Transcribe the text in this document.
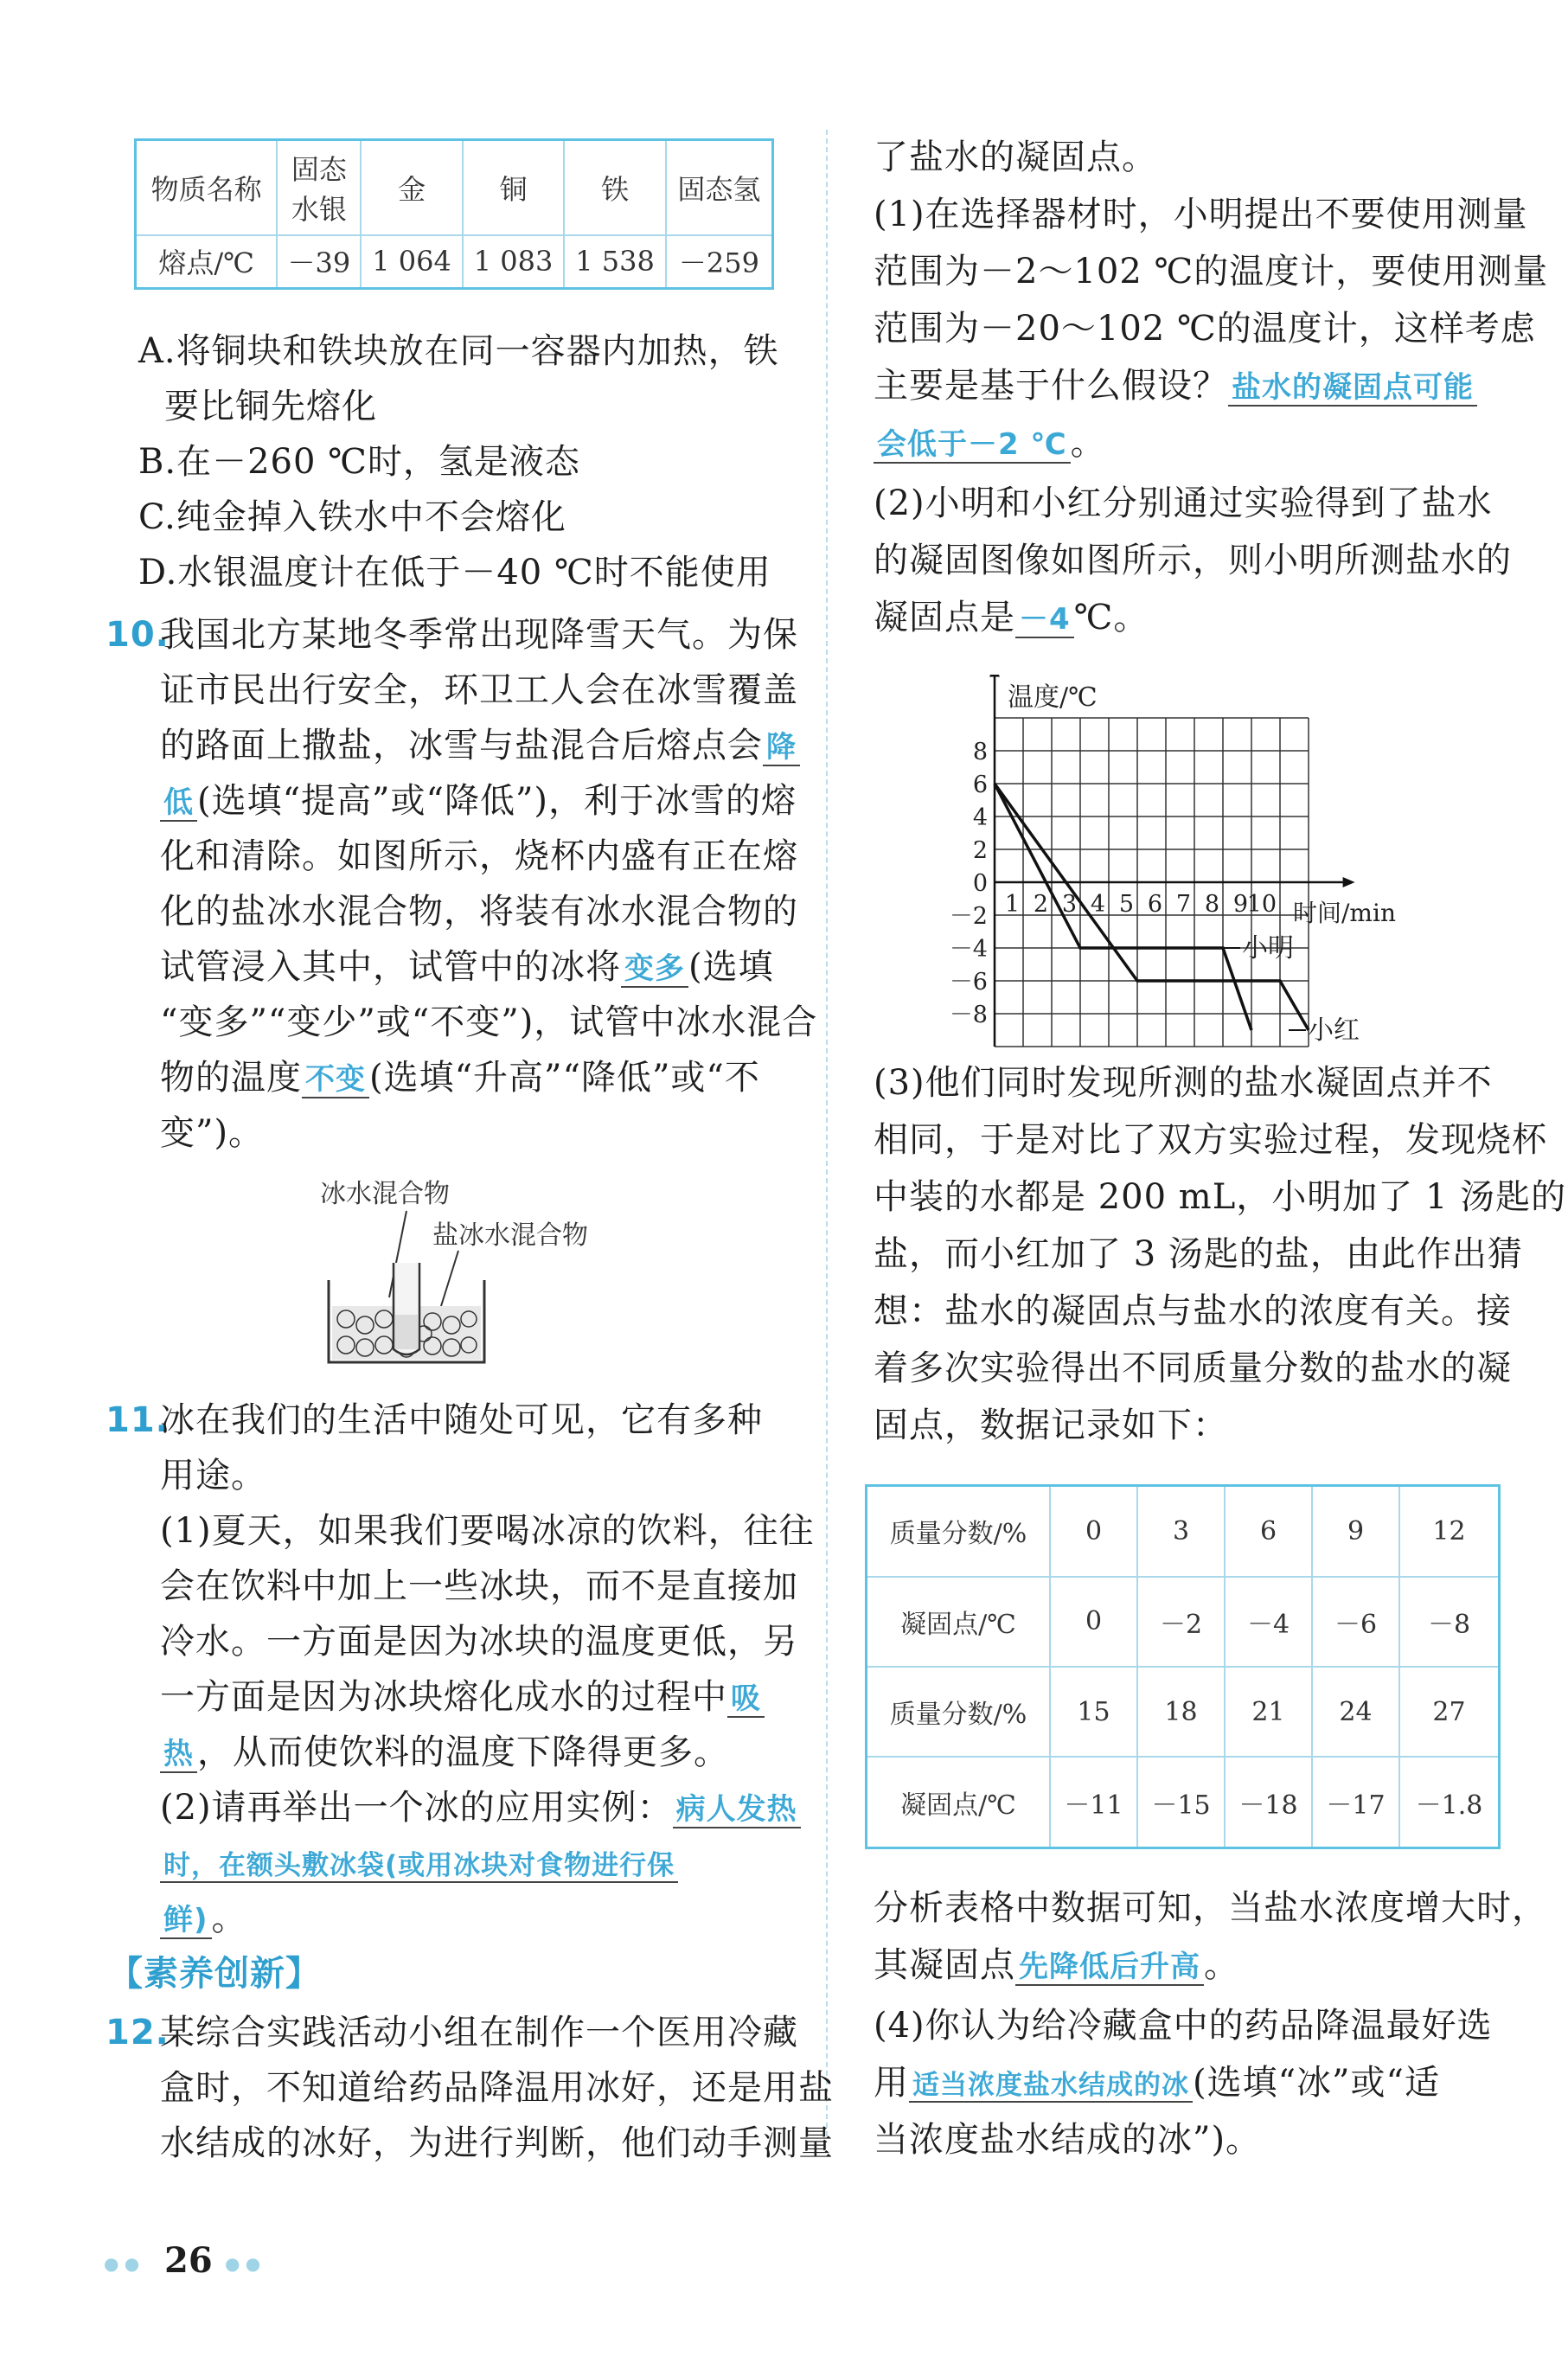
物质名称	固态水银	金	铜	铁	固态氢
熔点/℃	－39	1 064	1 083	1 538	－259
A.将铜块和铁块放在同一容器内加热，铁
要比铜先熔化
B.在－260 ℃时，氢是液态
C.纯金掉入铁水中不会熔化
D.水银温度计在低于－40 ℃时不能使用
10.
我国北方某地冬季常出现降雪天气。为保
证市民出行安全，环卫工人会在冰雪覆盖
的路面上撒盐，冰雪与盐混合后熔点会 降
低 (选填“提高”或“降低”)，利于冰雪的熔
化和清除。如图所示，烧杯内盛有正在熔
化的盐冰水混合物，将装有冰水混合物的
试管浸入其中，试管中的冰将 变多 (选填
“变多”“变少”或“不变”)，试管中冰水混合
物的温度 不变 (选填“升高”“降低”或“不
变”)。
冰水混合物
盐冰水混合物
11.
冰在我们的生活中随处可见，它有多种
用途。
(1)夏天，如果我们要喝冰凉的饮料，往往
会在饮料中加上一些冰块，而不是直接加
冷水。一方面是因为冰块的温度更低，另
一方面是因为冰块熔化成水的过程中 吸
热 ，从而使饮料的温度下降得更多。
(2)请再举出一个冰的应用实例： 病人发热
时，在额头敷冰袋(或用冰块对食物进行保
鲜) 。
【素养创新】
12.
某综合实践活动小组在制作一个医用冷藏
盒时，不知道给药品降温用冰好，还是用盐
水结成的冰好，为进行判断，他们动手测量
了盐水的凝固点。
(1)在选择器材时，小明提出不要使用测量
范围为－2～102 ℃的温度计，要使用测量
范围为－20～102 ℃的温度计，这样考虑
主要是基于什么假设？ 盐水的凝固点可能
会低于－2 ℃ 。
(2)小明和小红分别通过实验得到了盐水
的凝固图像如图所示，则小明所测盐水的
凝固点是 －4 ℃。
1 2 3 4 5 6 7 8 9
10
8
6
4
2
0
－2
－4
－6
－8
小明
小红
温度/℃
时间/min
(3)他们同时发现所测的盐水凝固点并不
相同，于是对比了双方实验过程，发现烧杯
中装的水都是 200 mL，小明加了 1 汤匙的
盐，而小红加了 3 汤匙的盐，由此作出猜
想：盐水的凝固点与盐水的浓度有关。接
着多次实验得出不同质量分数的盐水的凝
固点，数据记录如下：
质量分数/%	0	3	6	9	12
凝固点/℃	0	－2	－4	－6	－8
质量分数/%	15	18	21	24	27
凝固点/℃	－11	－15	－18	－17	－1.8
分析表格中数据可知，当盐水浓度增大时，
其凝固点 先降低后升高 。
(4)你认为给冷藏盒中的药品降温最好选
用 适当浓度盐水结成的冰 (选填“冰”或“适
当浓度盐水结成的冰”)。
● ● 26 ● ●
